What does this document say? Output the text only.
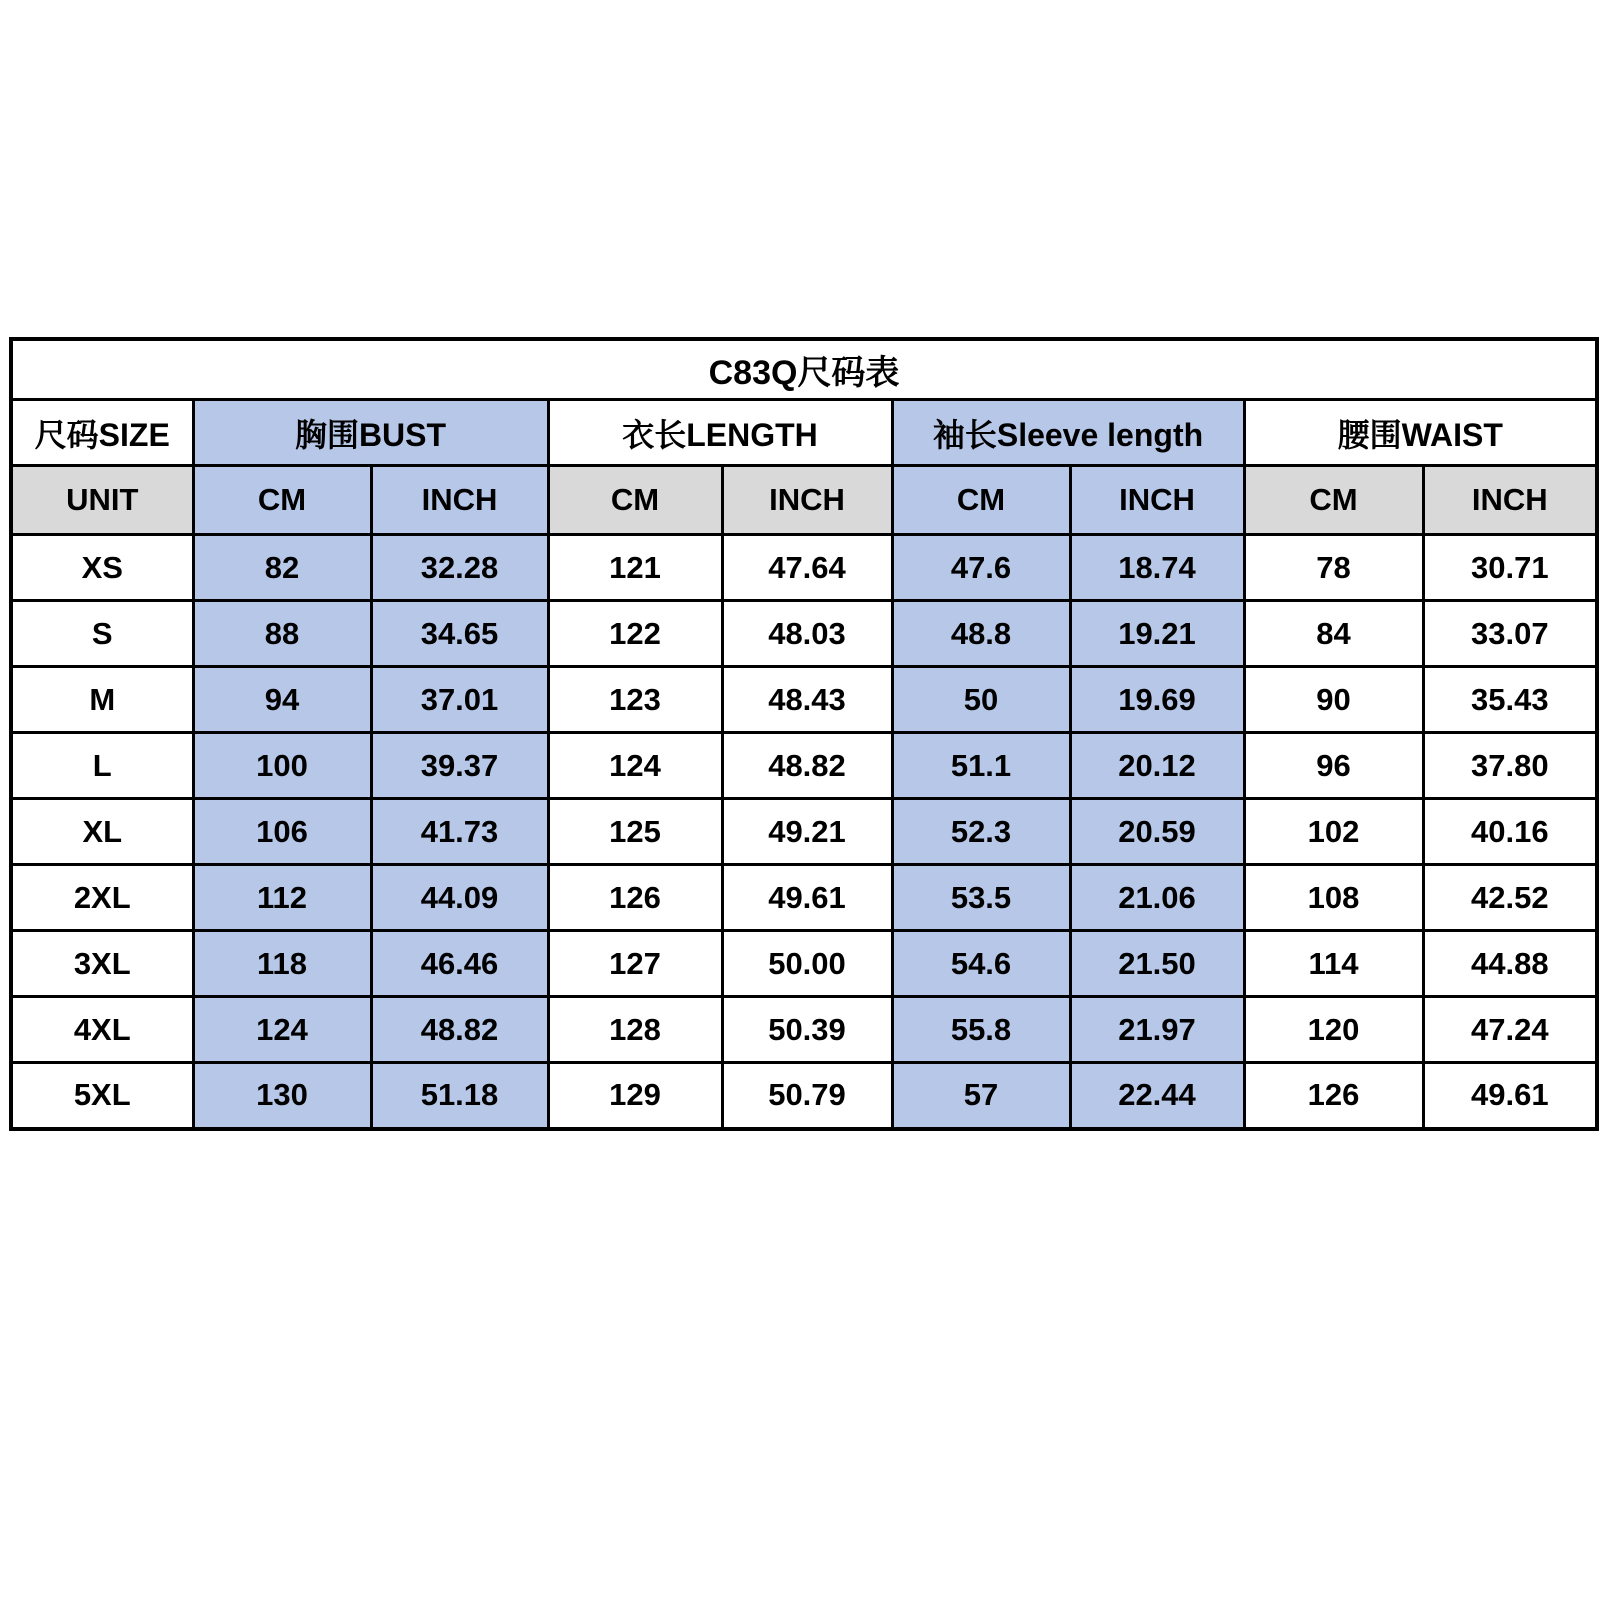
C83Q尺码表								
尺码SIZE	胸围BUST		衣长LENGTH		袖长Sleeve length		腰围WAIST	
UNIT	CM	INCH	CM	INCH	CM	INCH	CM	INCH
XS	82	32.28	121	47.64	47.6	18.74	78	30.71
S	88	34.65	122	48.03	48.8	19.21	84	33.07
M	94	37.01	123	48.43	50	19.69	90	35.43
L	100	39.37	124	48.82	51.1	20.12	96	37.80
XL	106	41.73	125	49.21	52.3	20.59	102	40.16
2XL	112	44.09	126	49.61	53.5	21.06	108	42.52
3XL	118	46.46	127	50.00	54.6	21.50	114	44.88
4XL	124	48.82	128	50.39	55.8	21.97	120	47.24
5XL	130	51.18	129	50.79	57	22.44	126	49.61
